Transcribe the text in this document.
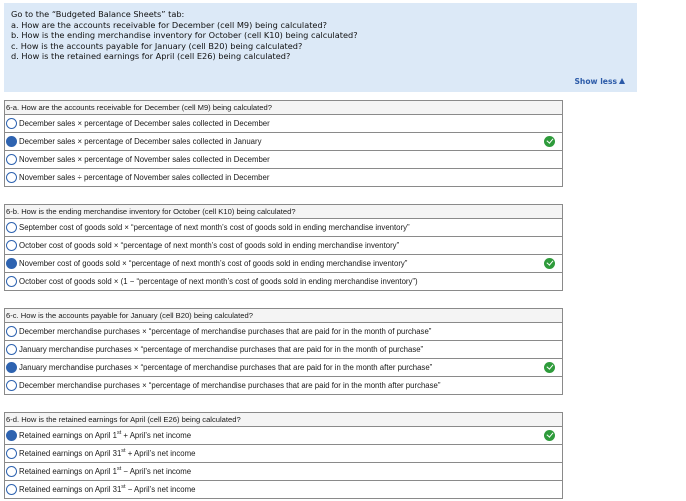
Go to the “Budgeted Balance Sheets” tab:
a. How are the accounts receivable for December (cell M9) being calculated?
b. How is the ending merchandise inventory for October (cell K10) being calculated?
c. How is the accounts payable for January (cell B20) being calculated?
d. How is the retained earnings for April (cell E26) being calculated?
Show less
6-a. How are the accounts receivable for December (cell M9) being calculated?
December sales × percentage of December sales collected in December
December sales × percentage of December sales collected in January
November sales × percentage of November sales collected in December
November sales ÷ percentage of November sales collected in December
6-b. How is the ending merchandise inventory for October (cell K10) being calculated?
September cost of goods sold × “percentage of next month’s cost of goods sold in ending merchandise inventory”
October cost of goods sold × “percentage of next month’s cost of goods sold in ending merchandise inventory”
November cost of goods sold × “percentage of next month’s cost of goods sold in ending merchandise inventory”
October cost of goods sold × (1 − “percentage of next month’s cost of goods sold in ending merchandise inventory”)
6-c. How is the accounts payable for January (cell B20) being calculated?
December merchandise purchases × “percentage of merchandise purchases that are paid for in the month of purchase”
January merchandise purchases × “percentage of merchandise purchases that are paid for in the month of purchase”
January merchandise purchases × “percentage of merchandise purchases that are paid for in the month after purchase”
December merchandise purchases × “percentage of merchandise purchases that are paid for in the month after purchase”
6-d. How is the retained earnings for April (cell E26) being calculated?
Retained earnings on April 1st + April’s net income
Retained earnings on April 31st + April’s net income
Retained earnings on April 1st − April’s net income
Retained earnings on April 31st − April’s net income
